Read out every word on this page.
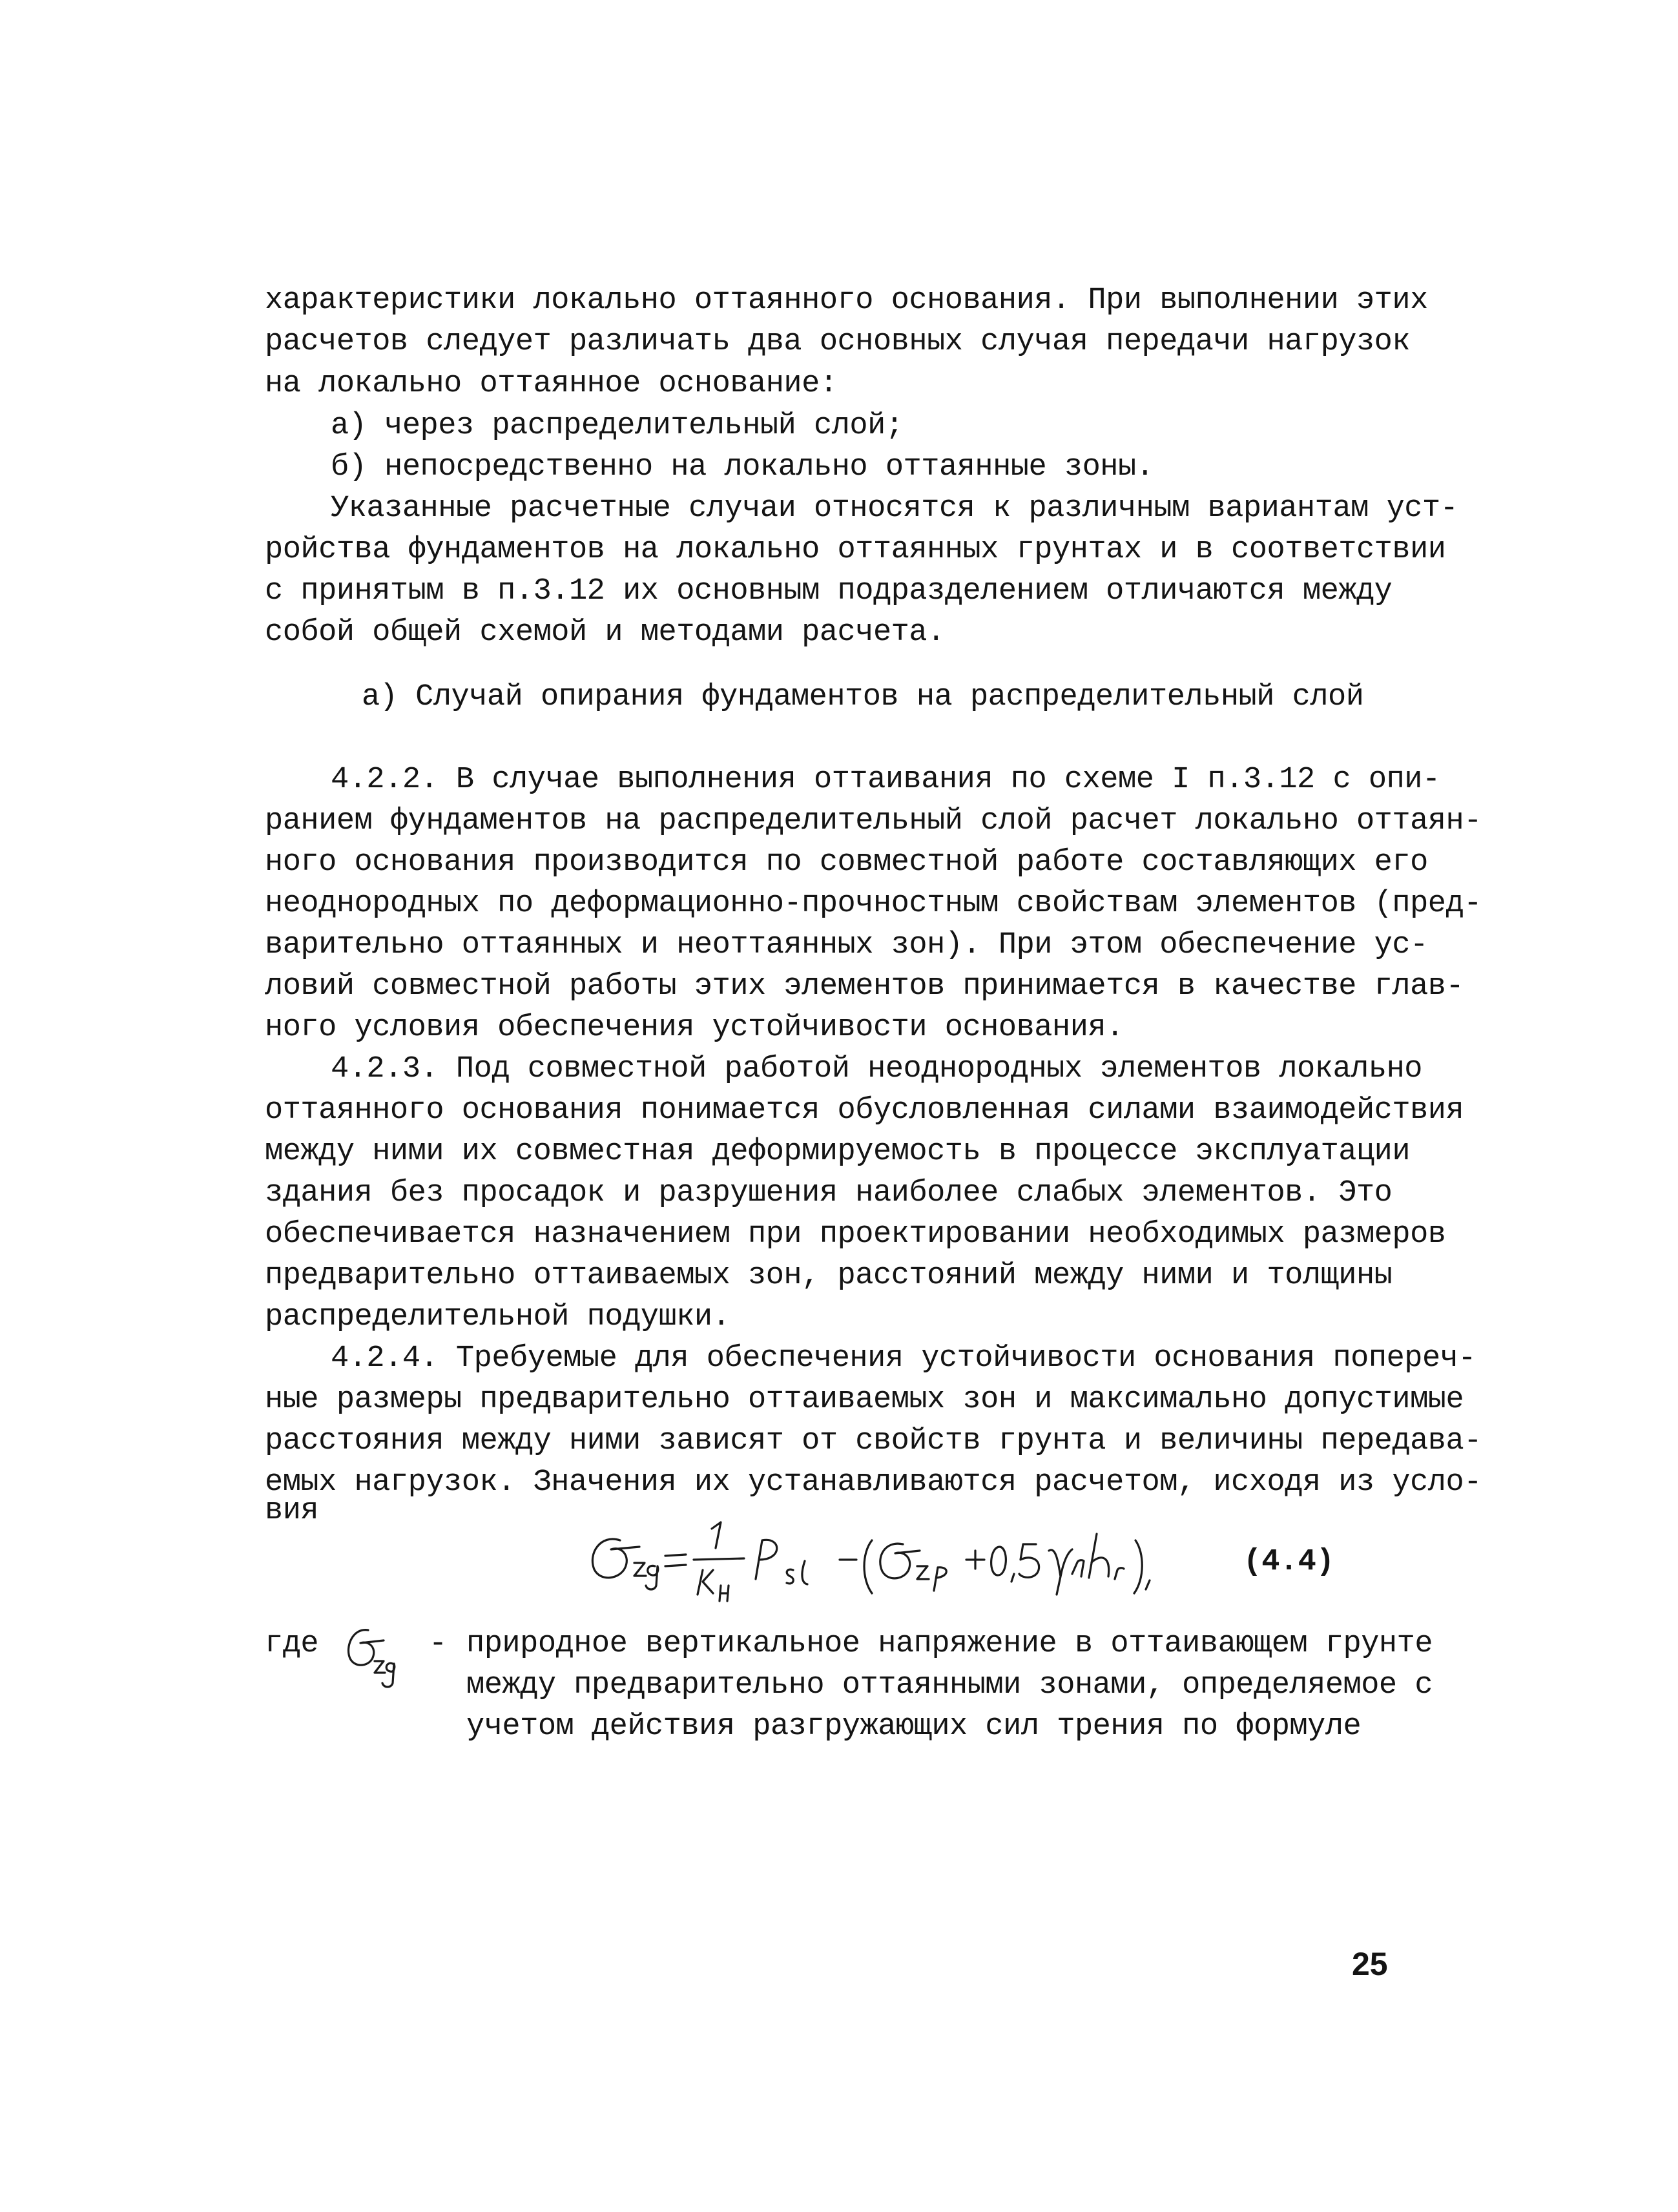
характеристики локально оттаянного основания. При выполнении этих
расчетов следует различать два основных случая передачи нагрузок
на локально оттаянное основание:
а) через распределительный слой;
б) непосредственно на локально оттаянные зоны.
Указанные расчетные случаи относятся к различным вариантам уст-
ройства фундаментов на локально оттаянных грунтах и в соответствии
с принятым в п.3.12 их основным подразделением отличаются между
собой общей схемой и методами расчета.
а) Случай опирания фундаментов на распределительный слой
4.2.2. В случае выполнения оттаивания по схеме I п.3.12 с опи-
ранием фундаментов на распределительный слой расчет локально оттаян-
ного основания производится по совместной работе составляющих его
неоднородных по деформационно-прочностным свойствам элементов (пред-
варительно оттаянных и неоттаянных зон). При этом обеспечение ус-
ловий совместной работы этих элементов принимается в качестве глав-
ного условия обеспечения устойчивости основания.
4.2.3. Под совместной работой неоднородных элементов локально
оттаянного основания понимается обусловленная силами взаимодействия
между ними их совместная деформируемость в процессе эксплуатации
здания без просадок и разрушения наиболее слабых элементов. Это
обеспечивается назначением при проектировании необходимых размеров
предварительно оттаиваемых зон, расстояний между ними и толщины
распределительной подушки.
4.2.4. Требуемые для обеспечения устойчивости основания попереч-
ные размеры предварительно оттаиваемых зон и максимально допустимые
расстояния между ними зависят от свойств грунта и величины передава-
емых нагрузок. Значения их устанавливаются расчетом, исходя из усло-
вия
(4.4)
где	- природное вертикальное напряжение в оттаивающем грунте
между предварительно оттаянными зонами, определяемое с
учетом действия разгружающих сил трения по формуле
25
